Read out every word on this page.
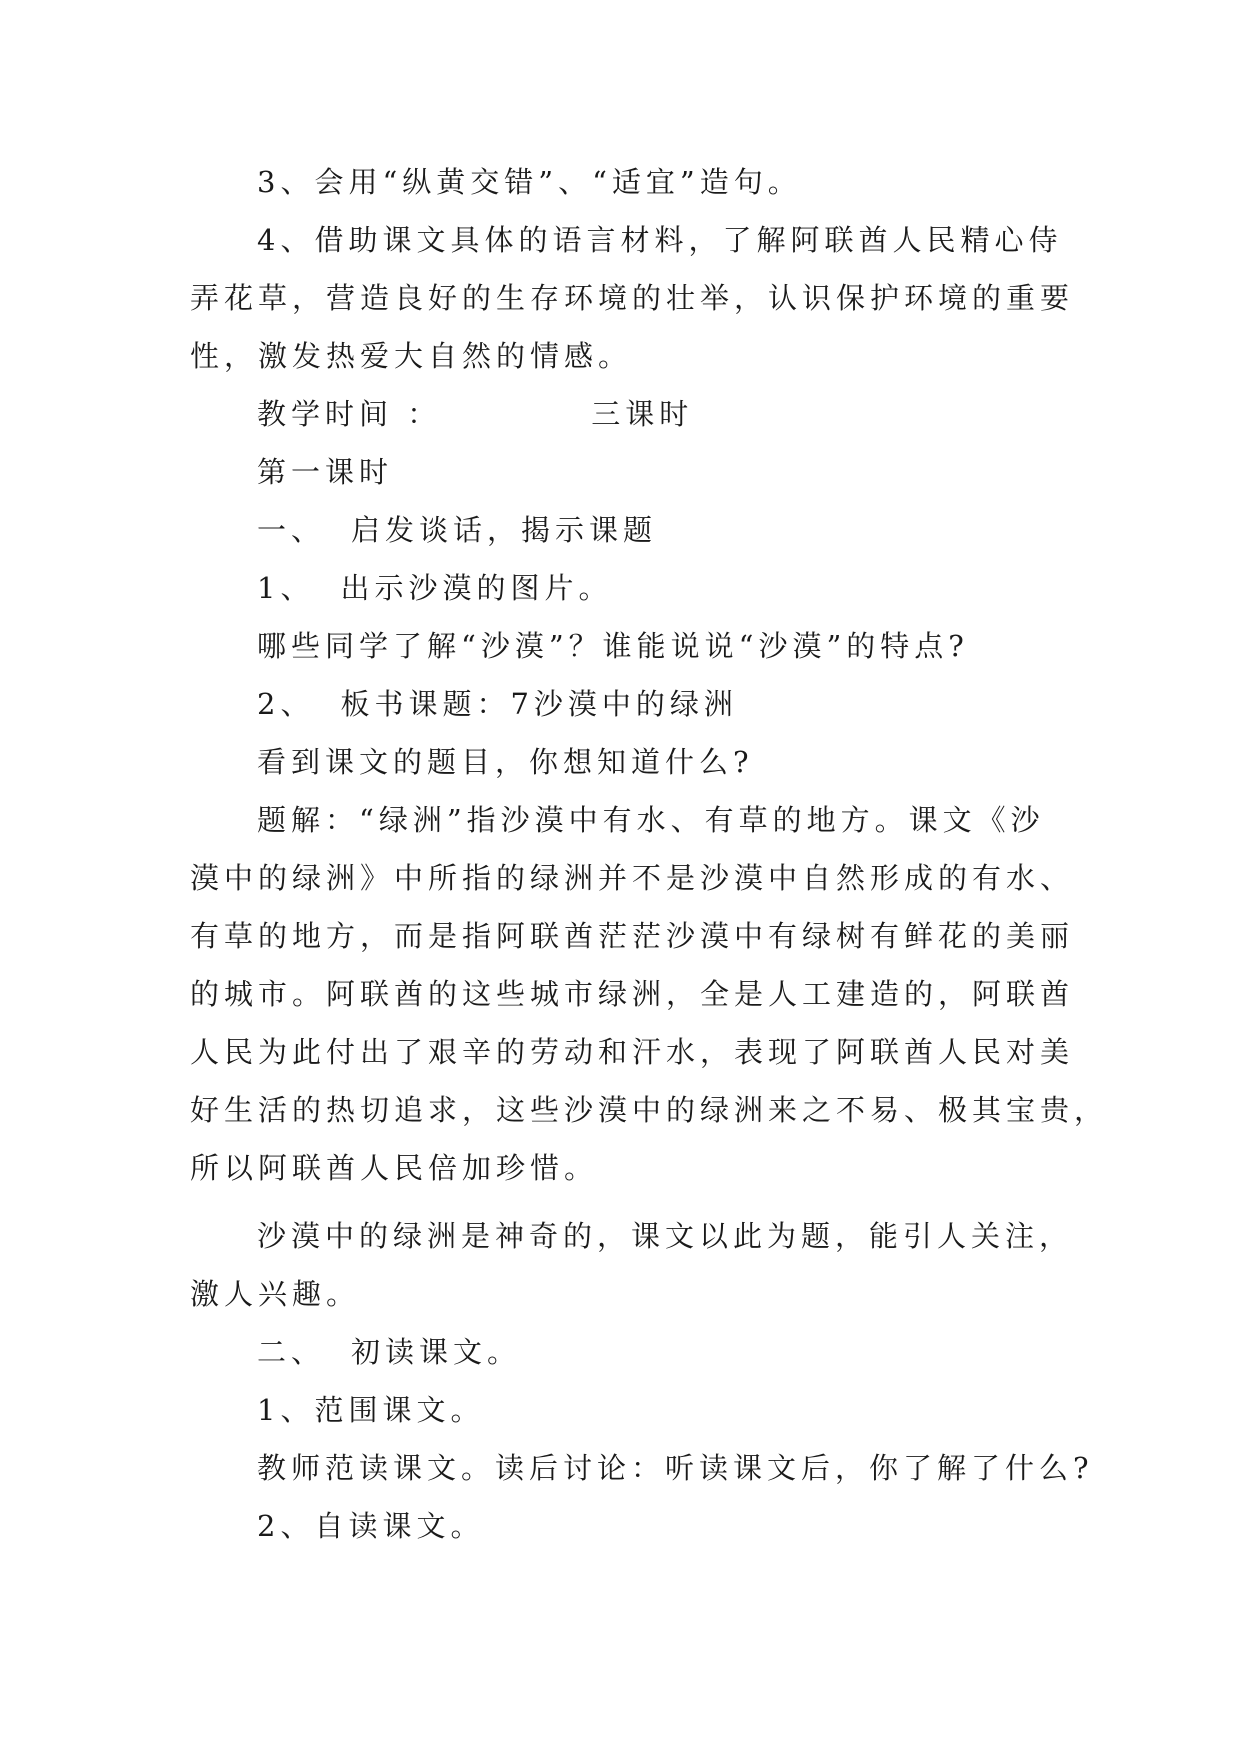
3、会用“纵黄交错”、“适宜”造句。
4、借助课文具体的语言材料，了解阿联酋人民精心侍
弄花草，营造良好的生存环境的壮举，认识保护环境的重要
性，激发热爱大自然的情感。
教学时间 ：	三课时
第一课时
一、 启发谈话，揭示课题
1、 出示沙漠的图片。
哪些同学了解“沙漠”？谁能说说“沙漠”的特点?
2、 板书课题：7沙漠中的绿洲
看到课文的题目，你想知道什么?
题解：“绿洲”指沙漠中有水、有草的地方。课文《沙
漠中的绿洲》中所指的绿洲并不是沙漠中自然形成的有水、
有草的地方，而是指阿联酋茫茫沙漠中有绿树有鲜花的美丽
的城市。阿联酋的这些城市绿洲，全是人工建造的，阿联酋
人民为此付出了艰辛的劳动和汗水，表现了阿联酋人民对美
好生活的热切追求，这些沙漠中的绿洲来之不易、极其宝贵，
所以阿联酋人民倍加珍惜。
沙漠中的绿洲是神奇的，课文以此为题，能引人关注，
激人兴趣。
二、 初读课文。
1、范围课文。
教师范读课文。读后讨论：听读课文后，你了解了什么?
2、自读课文。
